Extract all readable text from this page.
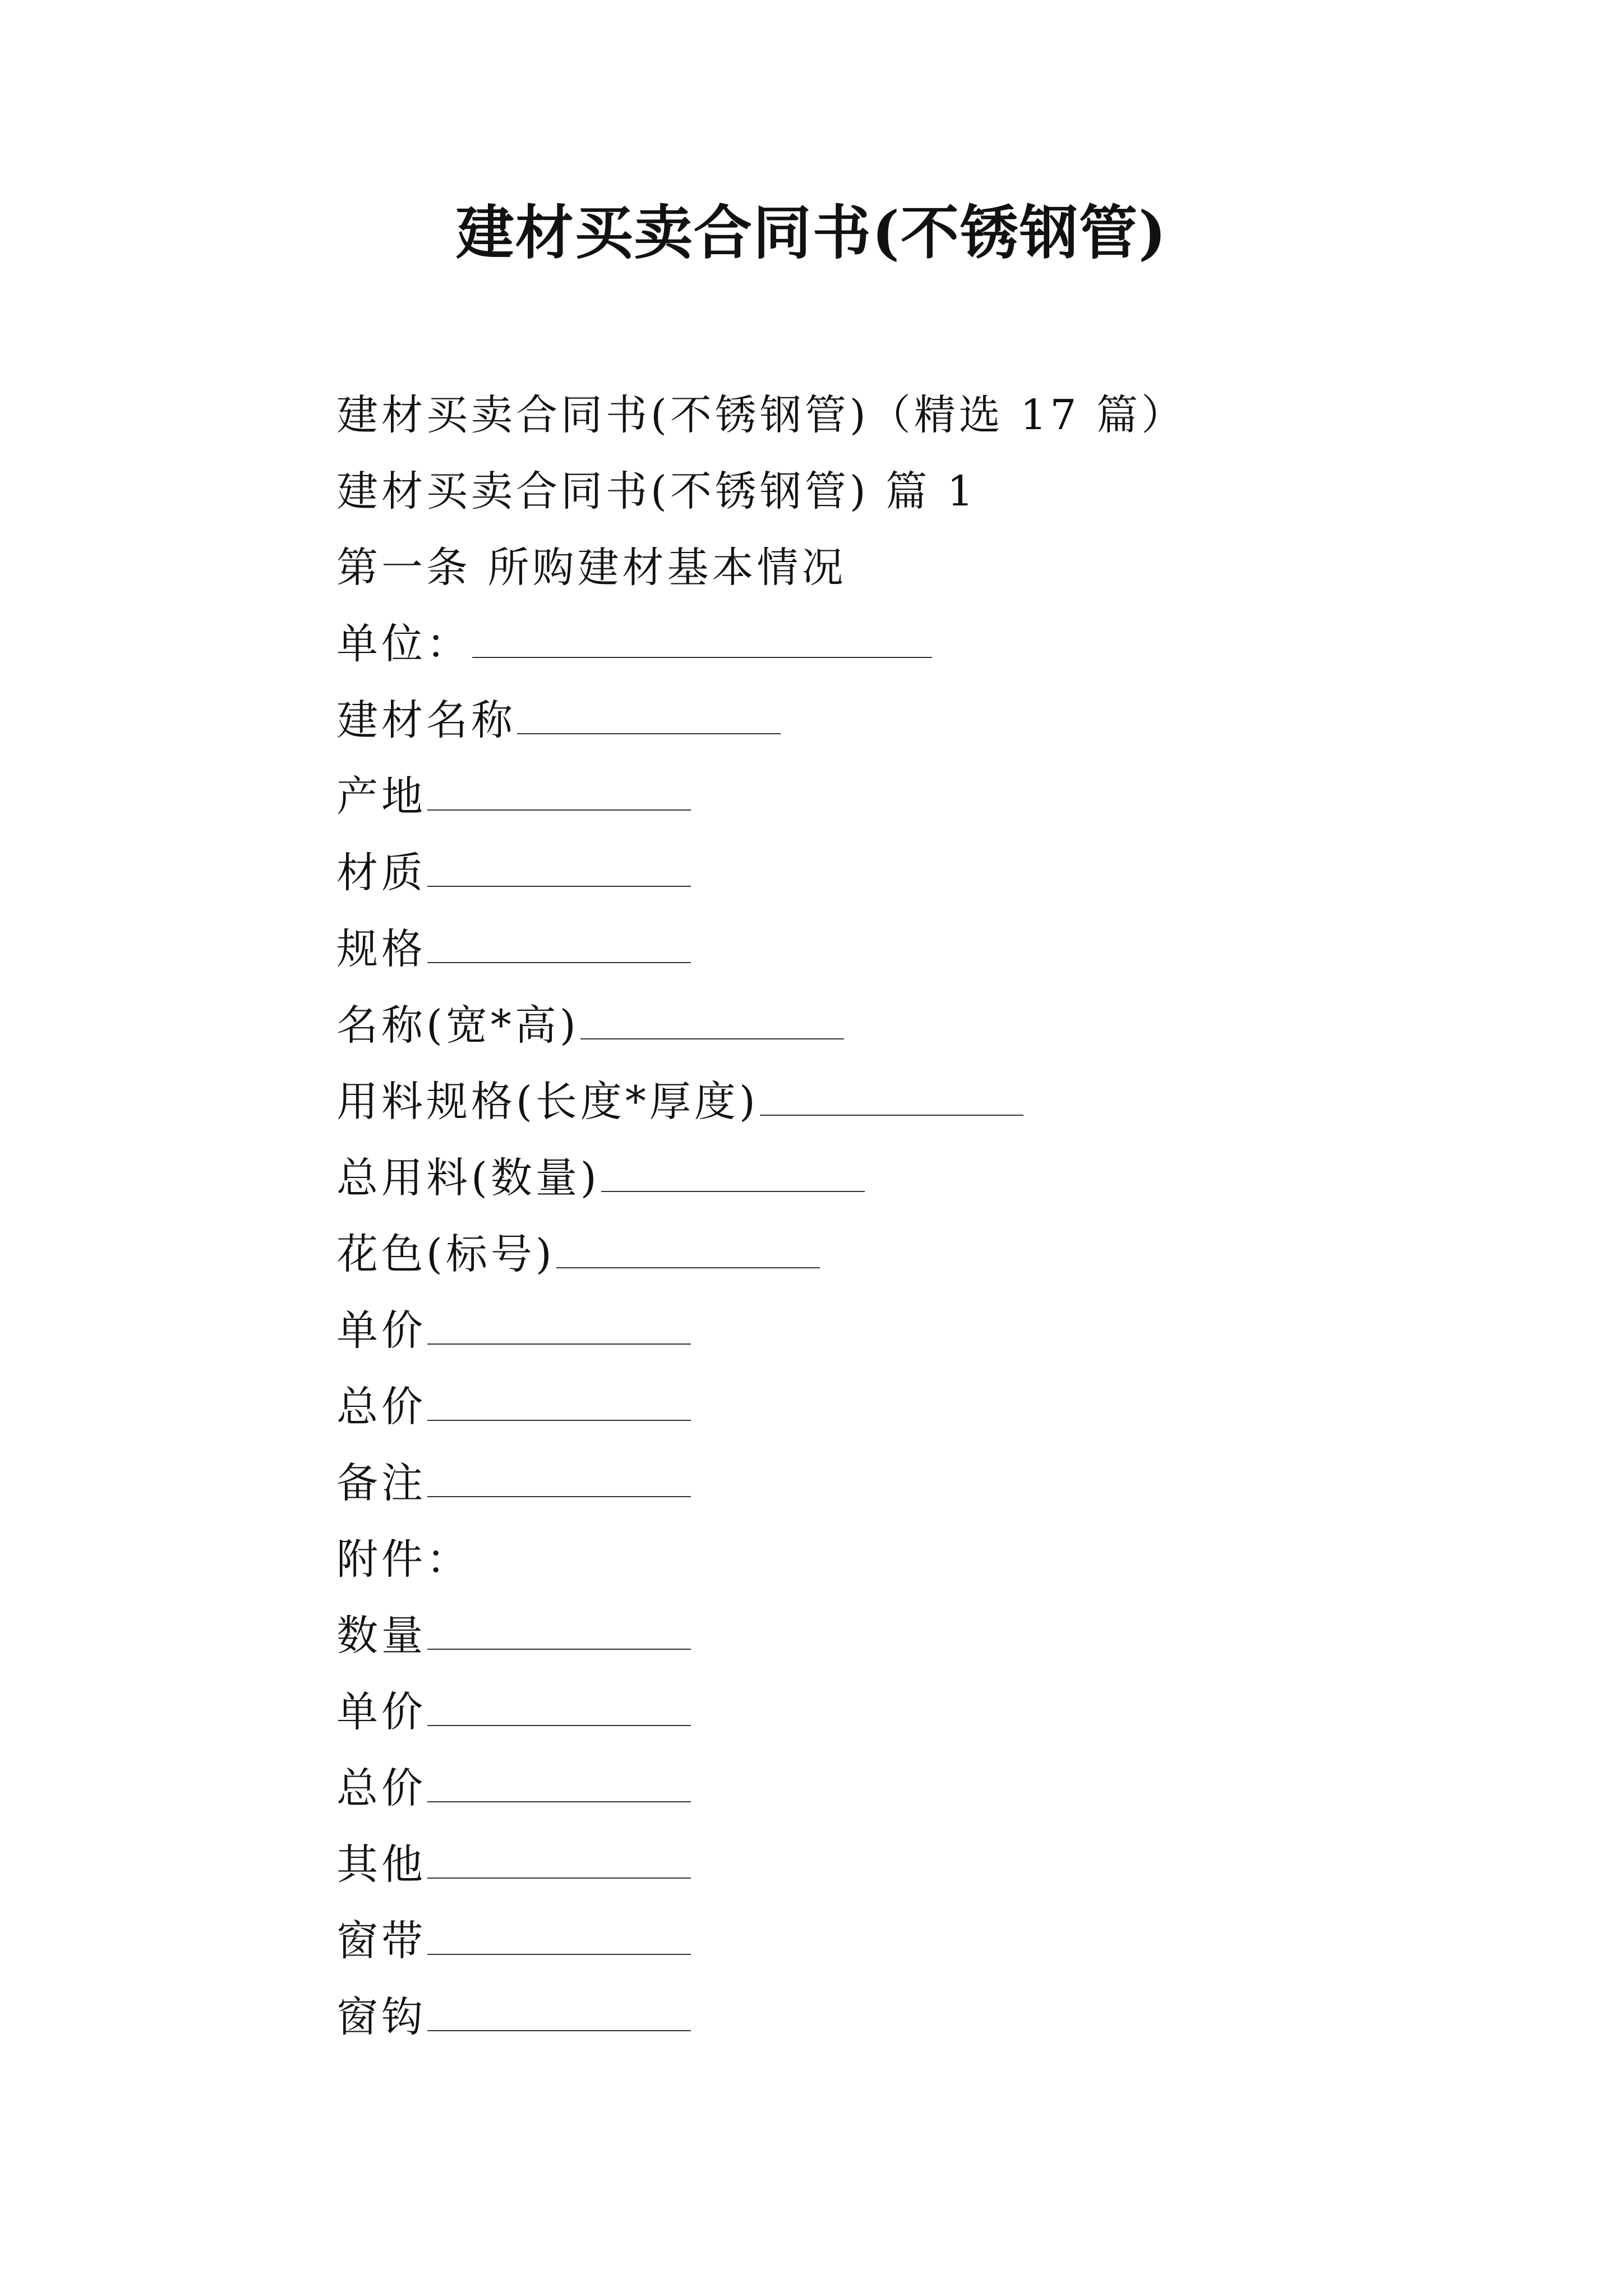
建材买卖合同书(不锈钢管)
建材买卖合同书(不锈钢管)（精选 17 篇）
建材买卖合同书(不锈钢管) 篇 1
第一条 所购建材基本情况
单位：
建材名称
产地
材质
规格
名称(宽*高)
用料规格(长度*厚度)
总用料(数量)
花色(标号)
单价
总价
备注
附件：
数量
单价
总价
其他
窗带
窗钩
